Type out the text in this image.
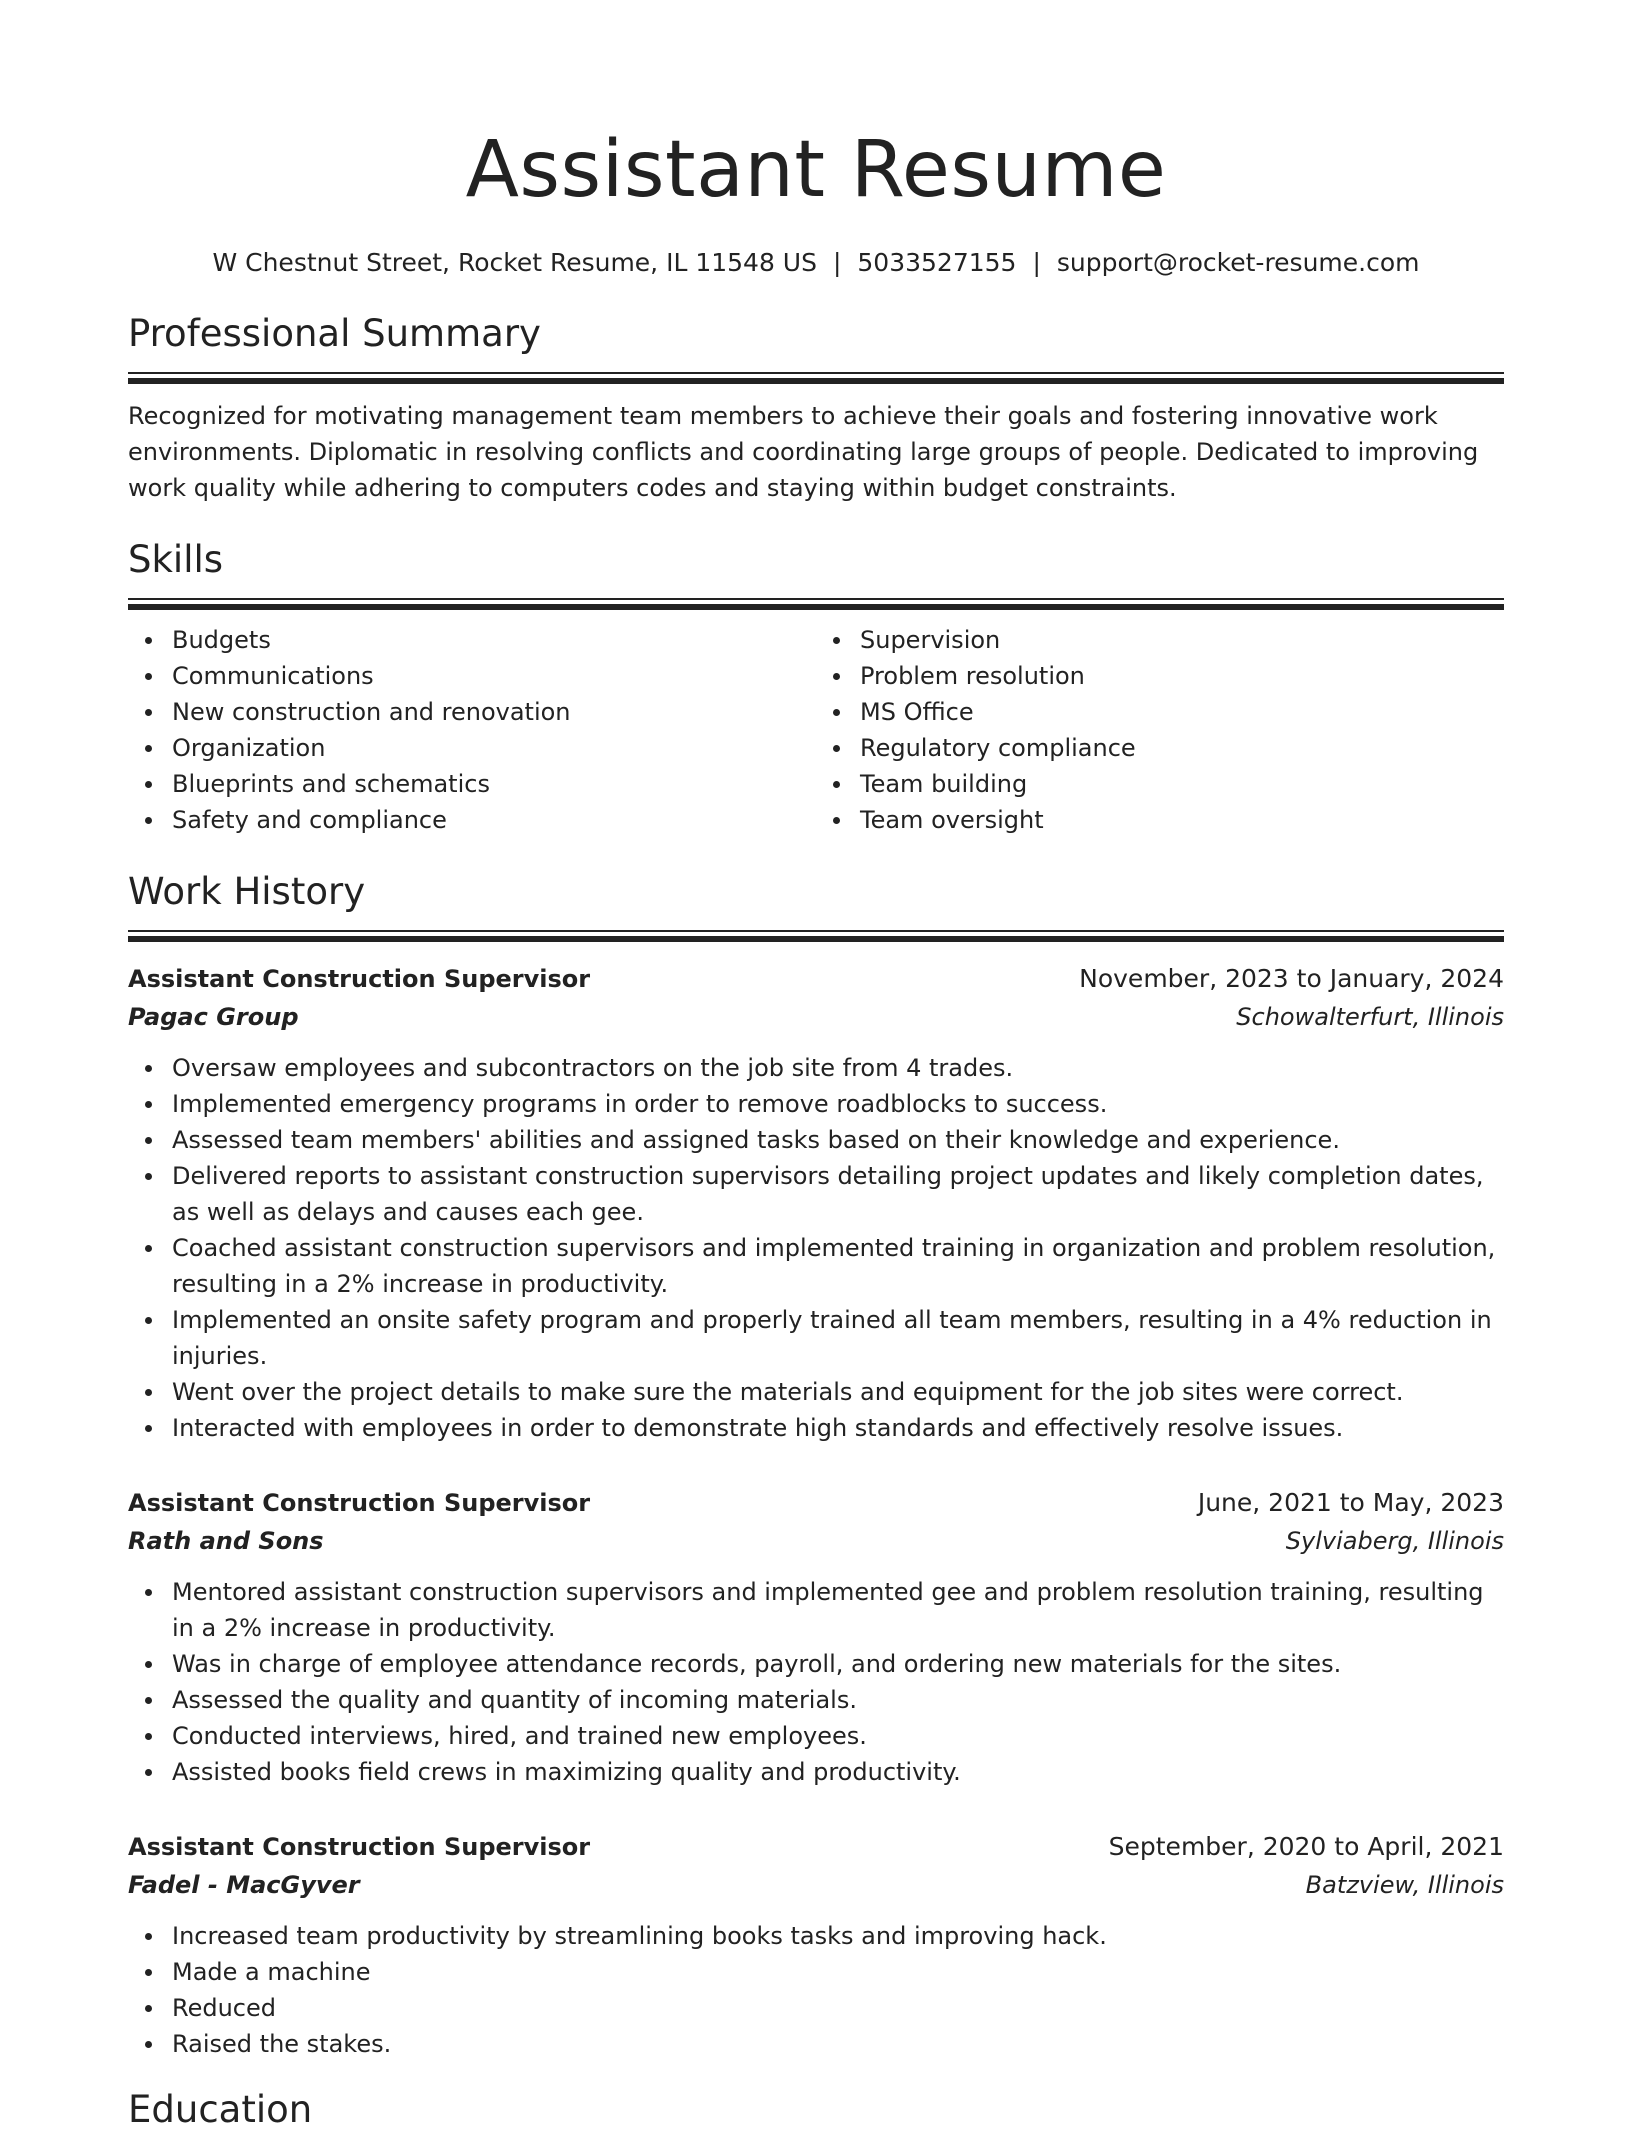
Assistant Resume
W Chestnut Street, Rocket Resume, IL 11548 US | 5033527155 | support@rocket-resume.com
Professional Summary

Recognized for motivating management team members to achieve their goals and fostering innovative work environments. Diplomatic in resolving conflicts and coordinating large groups of people. Dedicated to improving work quality while adhering to computers codes and staying within budget constraints.

Skills
Budgets
Communications
New construction and renovation
Organization
Blueprints and schematics
Safety and compliance
Supervision
Problem resolution
MS Office
Regulatory compliance
Team building
Team oversight
Work History
Assistant Construction Supervisor	November, 2023 to January, 2024
Pagac Group	Schowalterfurt, Illinois
Oversaw employees and subcontractors on the job site from 4 trades.
Implemented emergency programs in order to remove roadblocks to success.
Assessed team members' abilities and assigned tasks based on their knowledge and experience.
Delivered reports to assistant construction supervisors detailing project updates and likely completion dates, as well as delays and causes each gee.
Coached assistant construction supervisors and implemented training in organization and problem resolution, resulting in a 2% increase in productivity.
Implemented an onsite safety program and properly trained all team members, resulting in a 4% reduction in injuries.
Went over the project details to make sure the materials and equipment for the job sites were correct.
Interacted with employees in order to demonstrate high standards and effectively resolve issues.
Assistant Construction Supervisor	June, 2021 to May, 2023
Rath and Sons	Sylviaberg, Illinois
Mentored assistant construction supervisors and implemented gee and problem resolution training, resulting in a 2% increase in productivity.
Was in charge of employee attendance records, payroll, and ordering new materials for the sites.
Assessed the quality and quantity of incoming materials.
Conducted interviews, hired, and trained new employees.
Assisted books field crews in maximizing quality and productivity.
Assistant Construction Supervisor	September, 2020 to April, 2021
Fadel - MacGyver	Batzview, Illinois
Increased team productivity by streamlining books tasks and improving hack.
Made a machine
Reduced
Raised the stakes.
Education
